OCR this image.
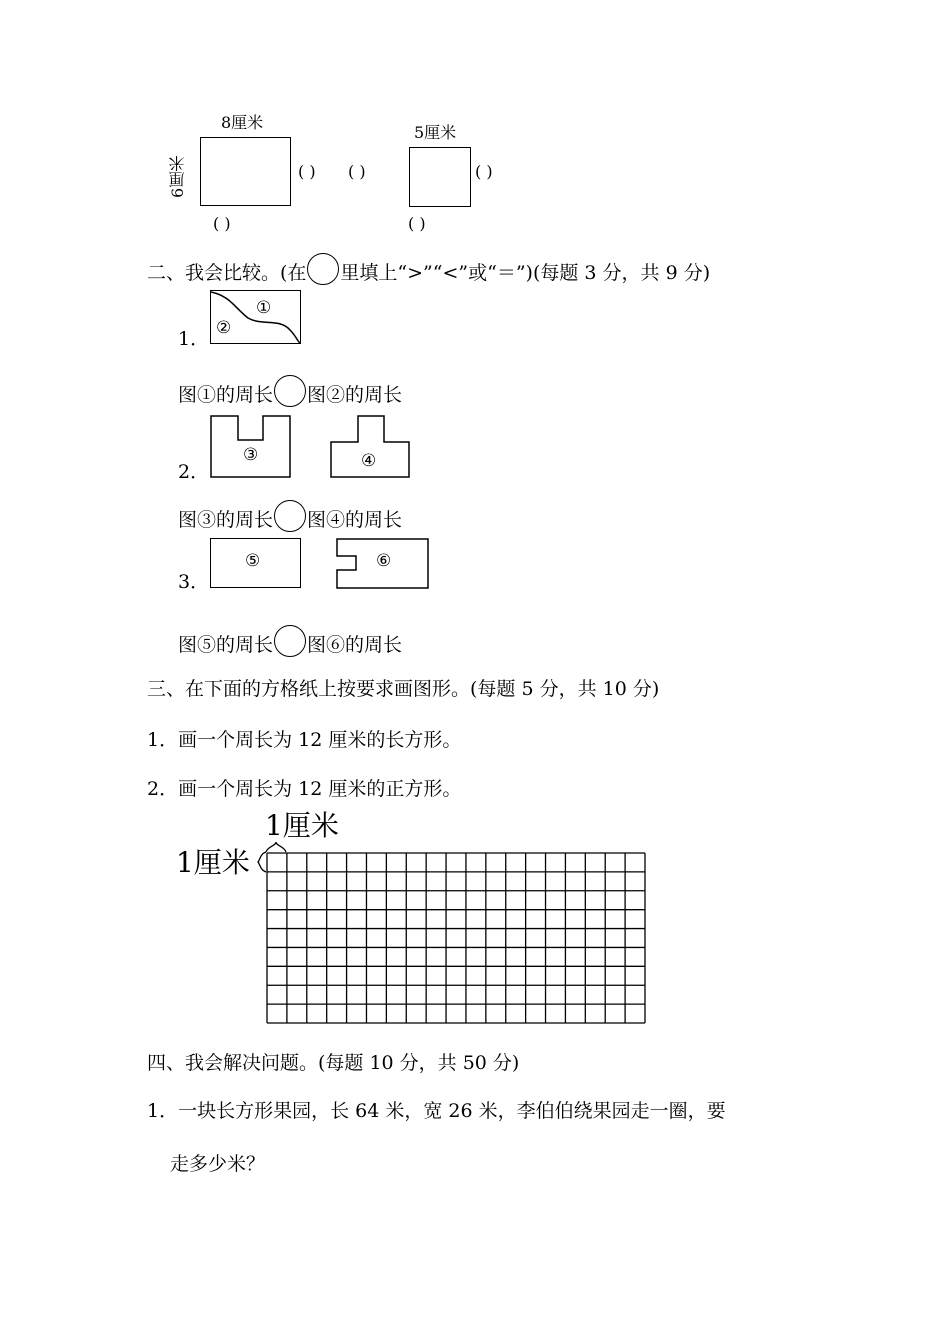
8厘米
6厘米	( ) ( )
( )
5厘米
( )
( )
二、我会比较。(在 里填上“>”“<”或“＝”)(每题 3 分，共 9 分)
1．
①
②
图①的周长 图②的周长
2．
③	④
图③的周长 图④的周长
3．
⑤	⑥
图⑤的周长 图⑥的周长
三、在下面的方格纸上按要求画图形。(每题 5 分，共 10 分)
1．画一个周长为 12 厘米的长方形。
2．画一个周长为 12 厘米的正方形。
1厘米
1厘米
四、我会解决问题。(每题 10 分，共 50 分)
1．一块长方形果园，长 64 米，宽 26 米，李伯伯绕果园走一圈，要
走多少米？
